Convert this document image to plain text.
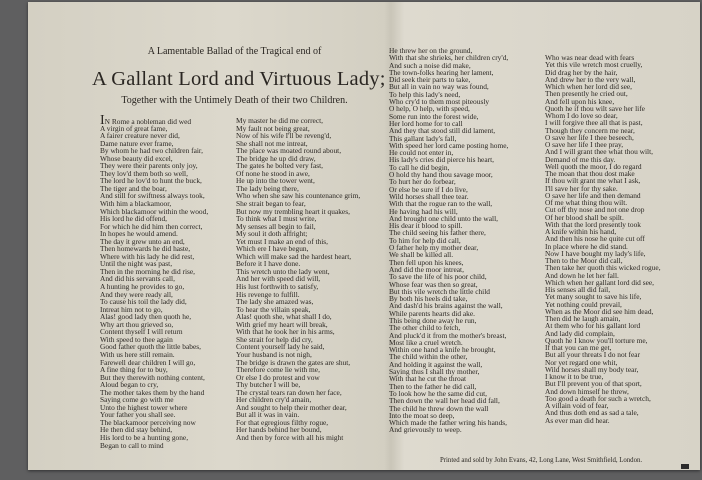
A Lamentable Ballad of the Tragical end of
A Gallant Lord and Virtuous Lady;
Together with the Untimely Death of their two Children.
IN Rome a nobleman did wed
A virgin of great fame,
A fairer creature never did,
Dame nature ever frame,
By whom he had two children fair,
Whose beauty did excel,
They were their parents only joy,
They lov'd them both so well,
The lord he lov'd to hunt the buck,
The tiger and the boar,
And still for swiftness always took,
With him a blackamoor,
Which blackamoor within the wood,
His lord he did offend,
For which he did him then correct,
In hopes he would amend.
The day it grew unto an end,
Then homewards he did haste,
Where with his lady he did rest,
Until the night was past,
Then in the morning he did rise,
And did his servants call,
A hunting he provides to go,
And they were ready all,
To cause his toil the lady did,
Intreat him not to go,
Alas! good lady then quoth he,
Why art thou grieved so,
Content thyself I will return
With speed to thee again
Good father quoth the little babes,
With us here still remain.
Farewell dear children I will go,
A fine thing for to buy,
But they therewith nothing content,
Aloud began to cry,
The mother takes them by the hand
Saying come go with me
Unto the highest tower where
Your father you shall see.
The blackamoor perceiving now
He then did stay behind,
His lord to be a hunting gone,
Began to call to mind
My master he did me correct,
My fault not being great,
Now of his wife I'll be reveng'd,
She shall not me intreat,
The place was moated round about,
The bridge he up did draw,
The gates he bolted very fast,
Of none he stood in awe,
He up into the tower went,
The lady being there,
Who when she saw his countenance grim,
She strait began to fear,
But now my trembling heart it quakes,
To think what I must write,
My senses all begin to fail,
My soul it doth affright;
Yet must I make an end of this,
Which ere I have begun,
Which will make sad the hardest heart,
Before it I have done.
This wretch unto the lady went,
And her with speed did will,
His lust forthwith to satisfy,
His revenge to fulfill.
The lady she amazed was,
To hear the villain speak,
Alas! quoth she, what shall I do,
With grief my heart will break,
With that he took her in his arms,
She strait for help did cry,
Content yourself lady he said,
Your husband is not nigh,
The bridge is drawn the gates are shut,
Therefore come lie with me,
Or else I do protest and vow
Thy butcher I will be,
The crystal tears ran down her face,
Her children cry'd amain,
And sought to help their mother dear,
But all it was in vain.
For that egregious filthy rogue,
Her hands behind her bound,
And then by force with all his might
He threw her on the ground,
With that she shrieks, her children cry'd,
And such a noise did make,
The town-folks hearing her lament,
Did seek their parts to take,
But all in vain no way was found,
To help this lady's need,
Who cry'd to them most piteously
O help, O help, with speed,
Some run into the forest wide,
Her lord home for to call
And they that stood still did lament,
This gallant lady's fall,
With speed her lord came posting home,
He could not enter in,
His lady's cries did pierce his heart,
To call he did begin,
O hold thy hand thou savage moor,
To hurt her do forbear,
Or else be sure if I do live,
Wild horses shall thee tear.
With that the rogue ran to the wall,
He having had his will,
And brought one child unto the wall,
His dear it blood to spill.
The child seeing his father there,
To him for help did call,
O father help my mother dear,
We shall be killed all.
Then fell upon his knees,
And did the moor intreat,
To save the life of his poor child,
Whose fear was then so great,
But this vile wretch the little child
By both his heels did take,
And dash'd his brains against the wall,
While parents hearts did ake.
This being done away he run,
The other child to fetch,
And pluck'd it from the mother's breast,
Most like a cruel wretch.
Within one hand a knife he brought,
The child within the other,
And holding it against the wall,
Saying thus I shall thy mother,
With that he cut the throat
Then to the father he did call,
To look how he the same did cut,
Then down the wall her head did fall,
The child he threw down the wall
Into the moat so deep,
Which made the father wring his hands,
And grievously to weep.
Who was near dead with fears
Yet this vile wretch most cruelly,
Did drag her by the hair,
And drew her to the very wall,
Which when her lord did see,
Then presently he cried out,
And fell upon his knee,
Quoth he if thou wilt save her life
Whom I do love so dear,
I will forgive thee all that is past,
Though they concern me near,
O save her life I thee beseech,
O save her life I thee pray,
And I will grant thee what thou wilt,
Demand of me this day.
Well quoth the moor, I do regard
The moan that thou dost make
If thou wilt grant me what I ask,
I'll save her for thy sake.
O save her life and then demand
Of me what thing thou wilt.
Cut off thy nose and not one drop
Of her blood shall be spilt.
With that the lord presently took
A knife within his hand,
And then his nose he quite cut off
In place where he did stand.
Now I have bought my lady's life,
Then to the Moor did call,
Then take her quoth this wicked rogue,
And down he let her fall.
Which when her gallant lord did see,
His senses all did fail,
Yet many sought to save his life,
Yet nothing could prevail,
When as the Moor did see him dead,
Then did he laugh amain,
At them who for his gallant lord
And lady did complain,
Quoth he I know you'll torture me,
If that you can me get,
But all your threats I do not fear
Nor yet regard one whit,
Wild horses shall my body tear,
I know it to be true,
But I'll prevent you of that sport,
And down himself he threw,
Too good a death for such a wretch,
A villain void of fear,
And thus doth end as sad a tale,
As ever man did hear.
Printed and sold by John Evans, 42, Long Lane, West Smithfield, London.
